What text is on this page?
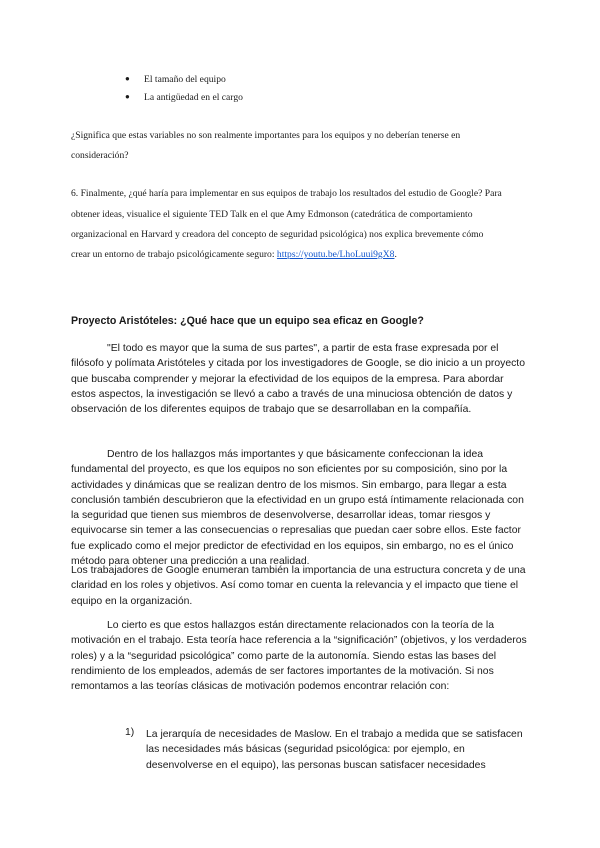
● El tamaño del equipo
● La antigüedad en el cargo
¿Significa que estas variables no son realmente importantes para los equipos y no deberían tenerse en
consideración?
6. Finalmente, ¿qué haría para implementar en sus equipos de trabajo los resultados del estudio de Google? Para
obtener ideas, visualice el siguiente TED Talk en el que Amy Edmonson (catedrática de comportamiento
organizacional en Harvard y creadora del concepto de seguridad psicológica) nos explica brevemente cómo
crear un entorno de trabajo psicológicamente seguro: https://youtu.be/LhoLuui9gX8.
Proyecto Aristóteles: ¿Qué hace que un equipo sea eficaz en Google?
"El todo es mayor que la suma de sus partes", a partir de esta frase expresada por el filósofo y polímata Aristóteles y citada por los investigadores de Google, se dio inicio a un proyecto que buscaba comprender y mejorar la efectividad de los equipos de la empresa. Para abordar estos aspectos, la investigación se llevó a cabo a través de una minuciosa obtención de datos y observación de los diferentes equipos de trabajo que se desarrollaban en la compañía.
Dentro de los hallazgos más importantes y que básicamente confeccionan la idea fundamental del proyecto, es que los equipos no son eficientes por su composición, sino por la actividades y dinámicas que se realizan dentro de los mismos. Sin embargo, para llegar a esta conclusión también descubrieron que la efectividad en un grupo está íntimamente relacionada con la seguridad que tienen sus miembros de desenvolverse, desarrollar ideas, tomar riesgos y equivocarse sin temer a las consecuencias o represalias que puedan caer sobre ellos. Este factor fue explicado como el mejor predictor de efectividad en los equipos, sin embargo, no es el único método para obtener una predicción a una realidad.
Los trabajadores de Google enumeran también la importancia de una estructura concreta y de una claridad en los roles y objetivos. Así como tomar en cuenta la relevancia y el impacto que tiene el equipo en la organización.
Lo cierto es que estos hallazgos están directamente relacionados con la teoría de la motivación en el trabajo. Esta teoría hace referencia a la “significación” (objetivos, y los verdaderos roles) y a la “seguridad psicológica” como parte de la autonomía. Siendo estas las bases del rendimiento de los empleados, además de ser factores importantes de la motivación. Si nos remontamos a las teorías clásicas de motivación podemos encontrar relación con:
1) La jerarquía de necesidades de Maslow. En el trabajo a medida que se satisfacen las necesidades más básicas (seguridad psicológica: por ejemplo, en desenvolverse en el equipo), las personas buscan satisfacer necesidades
